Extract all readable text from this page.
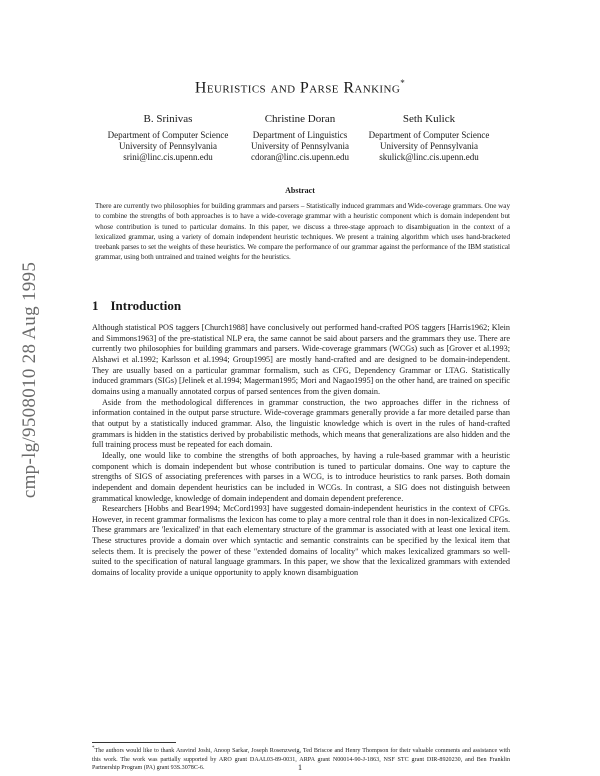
cmp-lg/9508010 28 Aug 1995
Heuristics and Parse Ranking*
B. Srinivas
Department of Computer Science
University of Pennsylvania
srini@linc.cis.upenn.edu
Christine Doran
Department of Linguistics
University of Pennsylvania
cdoran@linc.cis.upenn.edu
Seth Kulick
Department of Computer Science
University of Pennsylvania
skulick@linc.cis.upenn.edu
Abstract
There are currently two philosophies for building grammars and parsers – Statistically induced grammars and Wide-coverage grammars. One way to combine the strengths of both approaches is to have a wide-coverage grammar with a heuristic component which is domain independent but whose contribution is tuned to particular domains. In this paper, we discuss a three-stage approach to disambiguation in the context of a lexicalized grammar, using a variety of domain independent heuristic techniques. We present a training algorithm which uses hand-bracketed treebank parses to set the weights of these heuristics. We compare the performance of our grammar against the performance of the IBM statistical grammar, using both untrained and trained weights for the heuristics.
1 Introduction

Although statistical POS taggers [Church1988] have conclusively out performed hand-crafted POS taggers [Harris1962; Klein and Simmons1963] of the pre-statistical NLP era, the same cannot be said about parsers and the grammars they use. There are currently two philosophies for building grammars and parsers. Wide-coverage grammars (WCGs) such as [Grover et al.1993; Alshawi et al.1992; Karlsson et al.1994; Group1995] are mostly hand-crafted and are designed to be domain-independent. They are usually based on a particular grammar formalism, such as CFG, Dependency Grammar or LTAG. Statistically induced grammars (SIGs) [Jelinek et al.1994; Magerman1995; Mori and Nagao1995] on the other hand, are trained on specific domains using a manually annotated corpus of parsed sentences from the given domain.

Aside from the methodological differences in grammar construction, the two approaches differ in the richness of information contained in the output parse structure. Wide-coverage grammars generally provide a far more detailed parse than that output by a statistically induced grammar. Also, the linguistic knowledge which is overt in the rules of hand-crafted grammars is hidden in the statistics derived by probabilistic methods, which means that generalizations are also hidden and the full training process must be repeated for each domain.

Ideally, one would like to combine the strengths of both approaches, by having a rule-based grammar with a heuristic component which is domain independent but whose contribution is tuned to particular domains. One way to capture the strengths of SIGS of associating preferences with parses in a WCG, is to introduce heuristics to rank parses. Both domain independent and domain dependent heuristics can be included in WCGs. In contrast, a SIG does not distinguish between grammatical knowledge, knowledge of domain independent and domain dependent preference.

Researchers [Hobbs and Bear1994; McCord1993] have suggested domain-independent heuristics in the context of CFGs. However, in recent grammar formalisms the lexicon has come to play a more central role than it does in non-lexicalized CFGs. These grammars are 'lexicalized' in that each elementary structure of the grammar is associated with at least one lexical item. These structures provide a domain over which syntactic and semantic constraints can be specified by the lexical item that selects them. It is precisely the power of these "extended domains of locality" which makes lexicalized grammars so well-suited to the specification of natural language grammars. In this paper, we show that the lexicalized grammars with extended domains of locality provide a unique opportunity to apply known disambiguation

*The authors would like to thank Aravind Joshi, Anoop Sarkar, Joseph Rosenzweig, Ted Briscoe and Henry Thompson for their valuable comments and assistance with this work. The work was partially supported by ARO grant DAAL03-89-0031, ARPA grant N00014-90-J-1863, NSF STC grant DIR-8920230, and Ben Franklin Partnership Program (PA) grant 93S.3078C-6.	1
